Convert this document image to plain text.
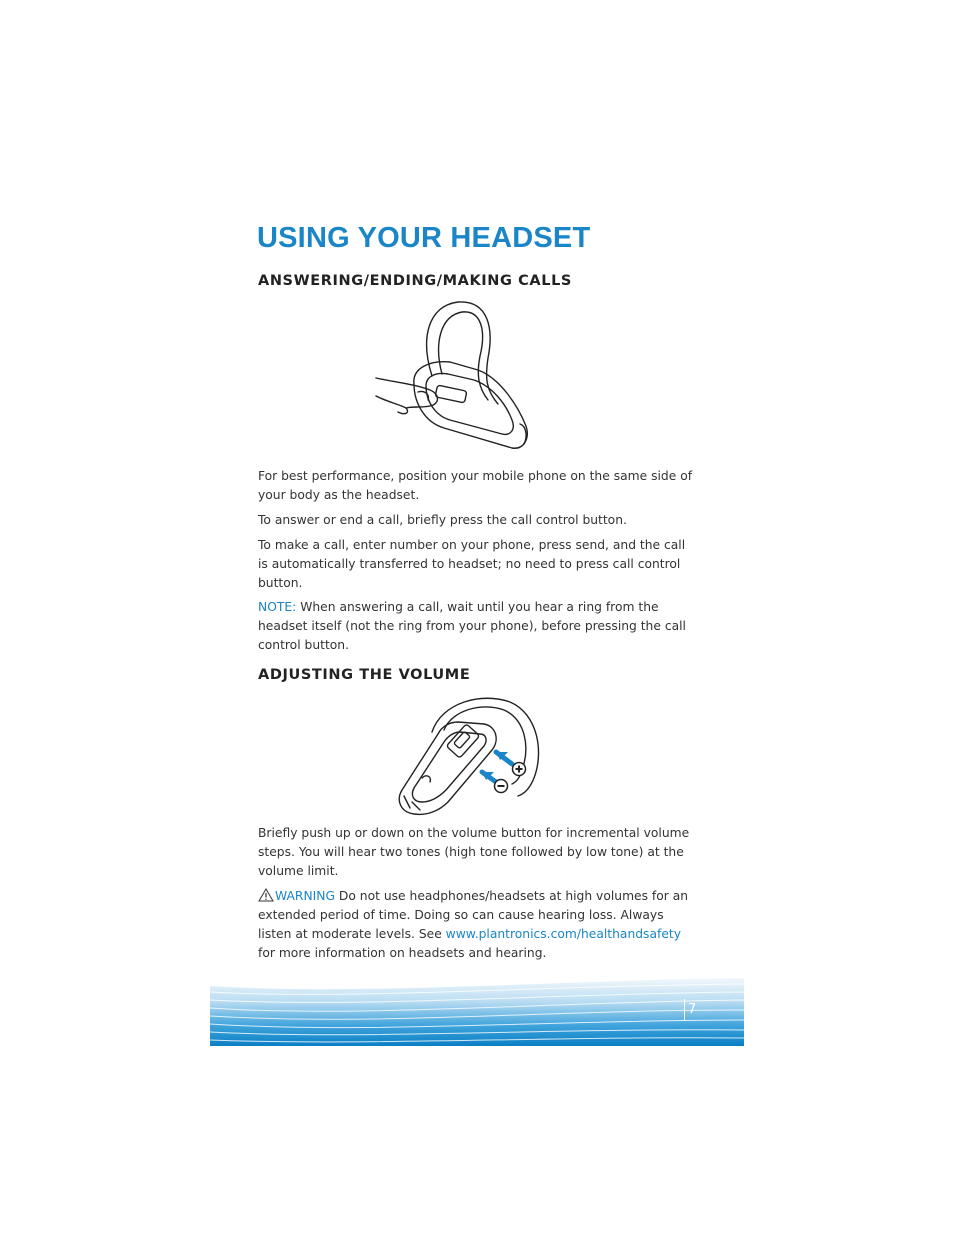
USING YOUR HEADSET
ANSWERING/ENDING/MAKING CALLS

For best performance, position your mobile phone on the same side of your body as the headset.

To answer or end a call, briefly press the call control button.

To make a call, enter number on your phone, press send, and the call is automatically transferred to headset; no need to press call control button.

NOTE: When answering a call, wait until you hear a ring from the headset itself (not the ring from your phone), before pressing the call control button.

ADJUSTING THE VOLUME

Briefly push up or down on the volume button for incremental volume steps. You will hear two tones (high tone followed by low tone) at the volume limit.

WARNING Do not use headphones/headsets at high volumes for an extended period of time. Doing so can cause hearing loss. Always listen at moderate levels. See www.plantronics.com/healthandsafety for more information on headsets and hearing.

7
